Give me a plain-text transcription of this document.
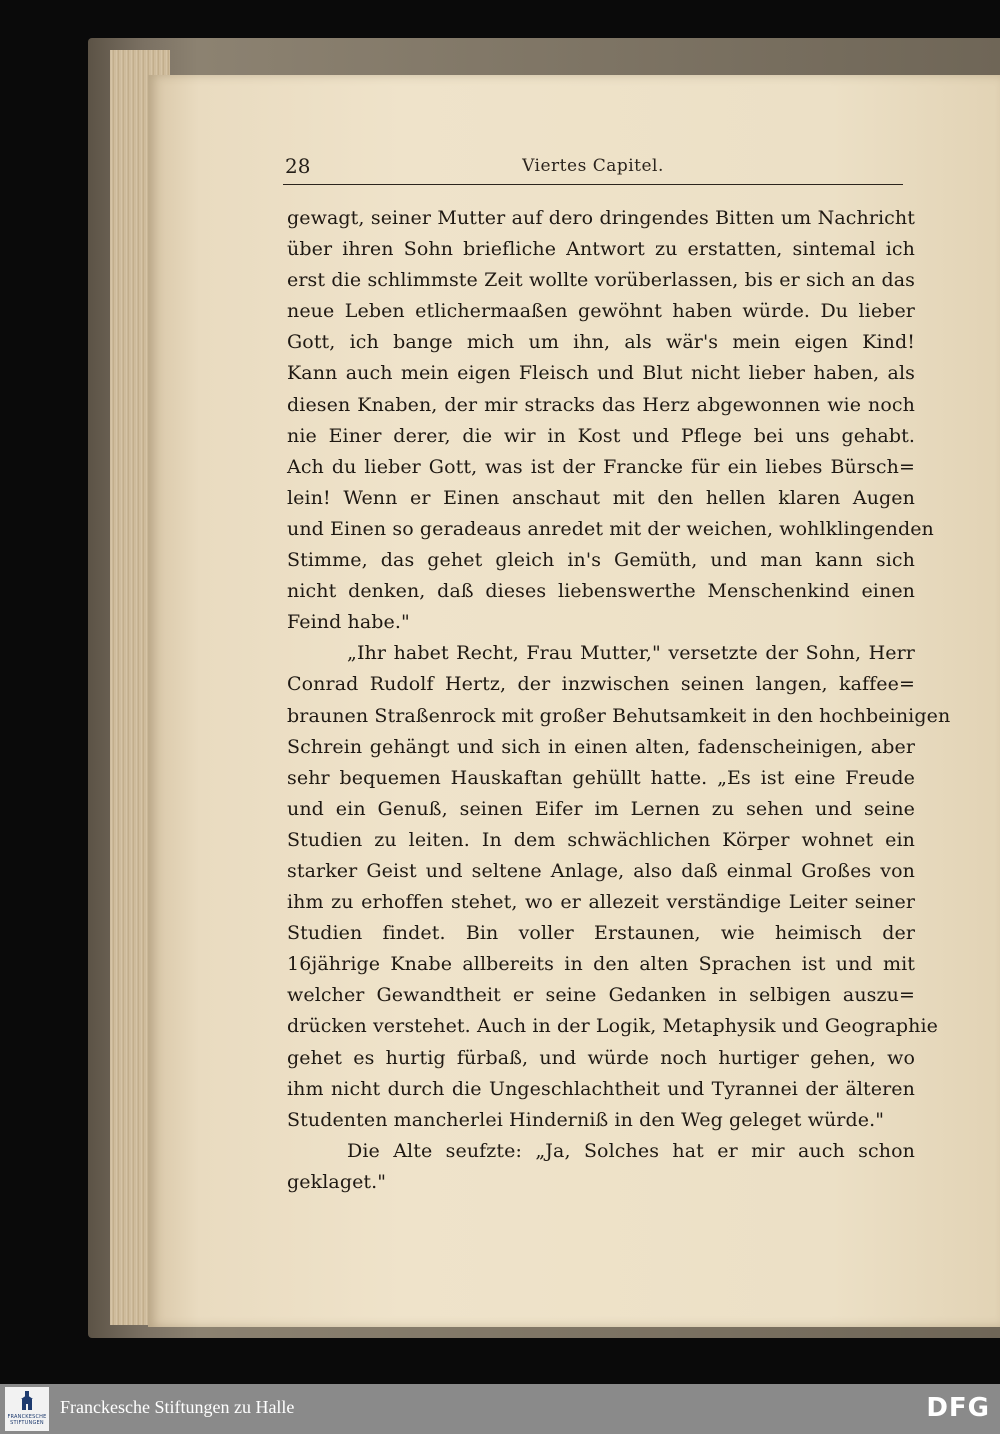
28	Viertes Capitel.
gewagt, seiner Mutter auf dero dringendes Bitten um Nachricht
über ihren Sohn briefliche Antwort zu erstatten, sintemal ich
erst die schlimmste Zeit wollte vorüberlassen, bis er sich an das
neue Leben etlichermaaßen gewöhnt haben würde. Du lieber
Gott, ich bange mich um ihn, als wär's mein eigen Kind!
Kann auch mein eigen Fleisch und Blut nicht lieber haben, als
diesen Knaben, der mir stracks das Herz abgewonnen wie noch
nie Einer derer, die wir in Kost und Pflege bei uns gehabt.
Ach du lieber Gott, was ist der Francke für ein liebes Bürsch=
lein! Wenn er Einen anschaut mit den hellen klaren Augen
und Einen so geradeaus anredet mit der weichen, wohlklingenden
Stimme, das gehet gleich in's Gemüth, und man kann sich
nicht denken, daß dieses liebenswerthe Menschenkind einen
Feind habe."
„Ihr habet Recht, Frau Mutter," versetzte der Sohn, Herr
Conrad Rudolf Hertz, der inzwischen seinen langen, kaffee=
braunen Straßenrock mit großer Behutsamkeit in den hochbeinigen
Schrein gehängt und sich in einen alten, fadenscheinigen, aber
sehr bequemen Hauskaftan gehüllt hatte. „Es ist eine Freude
und ein Genuß, seinen Eifer im Lernen zu sehen und seine
Studien zu leiten. In dem schwächlichen Körper wohnet ein
starker Geist und seltene Anlage, also daß einmal Großes von
ihm zu erhoffen stehet, wo er allezeit verständige Leiter seiner
Studien findet. Bin voller Erstaunen, wie heimisch der
16jährige Knabe allbereits in den alten Sprachen ist und mit
welcher Gewandtheit er seine Gedanken in selbigen auszu=
drücken verstehet. Auch in der Logik, Metaphysik und Geographie
gehet es hurtig fürbaß, und würde noch hurtiger gehen, wo
ihm nicht durch die Ungeschlachtheit und Tyrannei der älteren
Studenten mancherlei Hinderniß in den Weg geleget würde."
Die Alte seufzte: „Ja, Solches hat er mir auch schon
geklaget."
FRANCKESCHE STIFTUNGEN
Franckesche Stiftungen zu Halle	DFG
